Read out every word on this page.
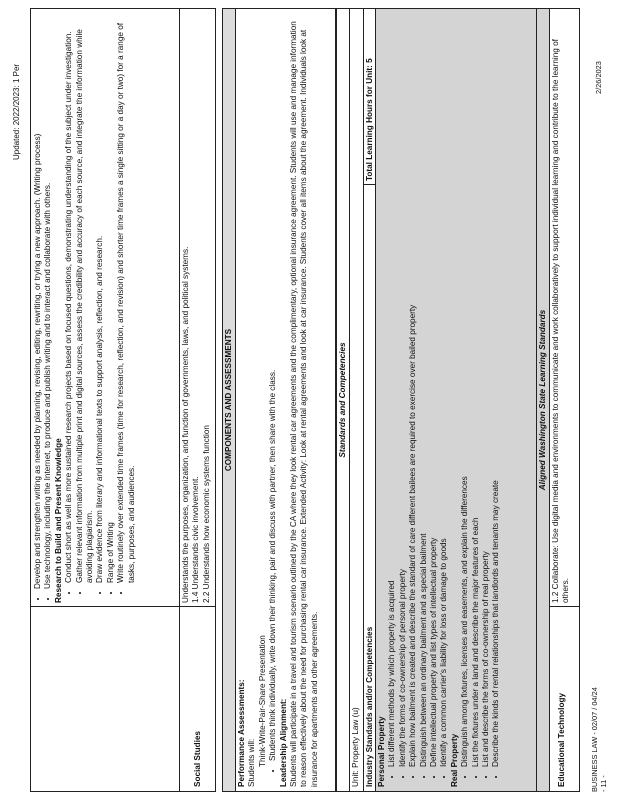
Updated: 2022/2023: 1 Per
• Develop and strengthen writing as needed by planning, revising, editing, rewriting, or trying a new approach. (Writing process) • Use technology, including the Internet, to produce and publish writing and to interact and collaborate with others. Research to Build and Present Knowledge • Conduct short as well as more sustained research projects based on focused questions, demonstrating understanding of the subject under investigation. • Gather relevant information from multiple print and digital sources, assess the credibility and accuracy of each source, and integrate the information while avoiding plagiarism. • Draw evidence from literary and informational texts to support analysis, reflection, and research. • Range of Writing • Write routinely over extended time frames (time for research, reflection, and revision) and shorter time frames a single sitting or a day or two) for a range of tasks, purposes, and audiences.
Social Studies
Understands the purposes, organization, and function of governments, laws, and political systems. 1.4 Understands civic involvement. 2.2 Understands how economic systems function
COMPONENTS AND ASSESSMENTS
Performance Assessments: Students will: Think-Write-Pair-Share Presentation • Students think individually, write down their thinking, pair and discuss with partner, then share with the class. Leadership Alignment: Students will participate in a travel and tourism scenario outlined by the CA where they look rental car agreements and the complimentary, optional insurance agreement. Students will use and manage information to reason effectively about the need for purchasing rental car insurance. Extended Activity: Look at rental agreements and look at car insurance. Students cover all items about the agreement. Individuals look at insurance for apartments and other agreements.
Standards and Competencies
Unit: Property Law (u) Industry Standards and/or Competencies
Total Learning Hours for Unit: 5
Personal Property • List different methods by which property is acquired • Identify the forms of co-ownership of personal property • Explain how bailment is created and describe the standard of care different bailees are required to exercise over bailed property • Distinguish between an ordinary bailment and a special bailment • Define intellectual property and list types of intellectual property • Identify a common carrier's liability for loss or damage to goods Real Property • Distinguish among fixtures, licenses and easements, and explain the differences • List the fixtures under a land and describe the major features of each • List and describe the forms of co-ownership of real property • Describe the kinds of rental relationships that landlords and tenants may create
Aligned Washington State Learning Standards
Educational Technology
1.2 Collaborate: Use digital media and environments to communicate and work collaboratively to support individual learning and contribute to the learning of others.
BUSINESS LAW - 02/07 / 04/24 - 11 -
2/26/2023
